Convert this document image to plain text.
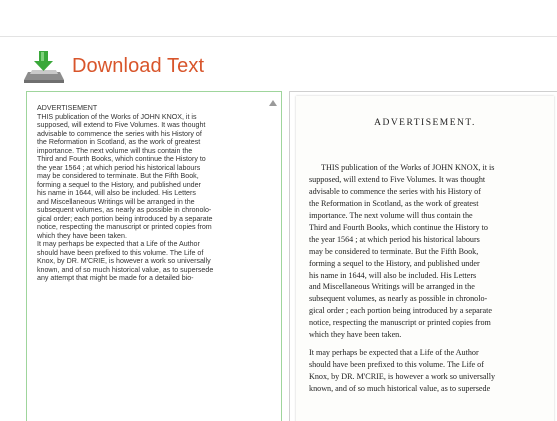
Download Text
ADVERTISEMENT
THIS publication of the Works of JOHN KNOX, it is
supposed, will extend to Five Volumes. It was thought
advisable to commence the series with his History of
the Reformation in Scotland, as the work of greatest
importance. The next volume will thus contain the
Third and Fourth Books, which continue the History to
the year 1564 ; at which period his historical labours
may be considered to terminate. But the Fifth Book,
forming a sequel to the History, and published under
his name in 1644, will also be included. His Letters
and Miscellaneous Writings will be arranged in the
subsequent volumes, as nearly as possible in chronolo-
gical order; each portion being introduced by a separate
notice, respecting the manuscript or printed copies from
which they have been taken.
It may perhaps be expected that a Life of the Author
should have been prefixed to this volume. The Life of
Knox, by DR. M'CRIE, is however a work so universally
known, and of so much historical value, as to supersede
any attempt that might be made for a detailed bio-
ADVERTISEMENT.

THIS publication of the Works of JOHN KNOX, it is
supposed, will extend to Five Volumes. It was thought
advisable to commence the series with his History of
the Reformation in Scotland, as the work of greatest
importance. The next volume will thus contain the
Third and Fourth Books, which continue the History to
the year 1564 ; at which period his historical labours
may be considered to terminate. But the Fifth Book,
forming a sequel to the History, and published under
his name in 1644, will also be included. His Letters
and Miscellaneous Writings will be arranged in the
subsequent volumes, as nearly as possible in chronolo-
gical order ; each portion being introduced by a separate
notice, respecting the manuscript or printed copies from
which they have been taken.
It may perhaps be expected that a Life of the Author
should have been prefixed to this volume. The Life of
Knox, by DR. M'CRIE, is however a work so universally
known, and of so much historical value, as to supersede
